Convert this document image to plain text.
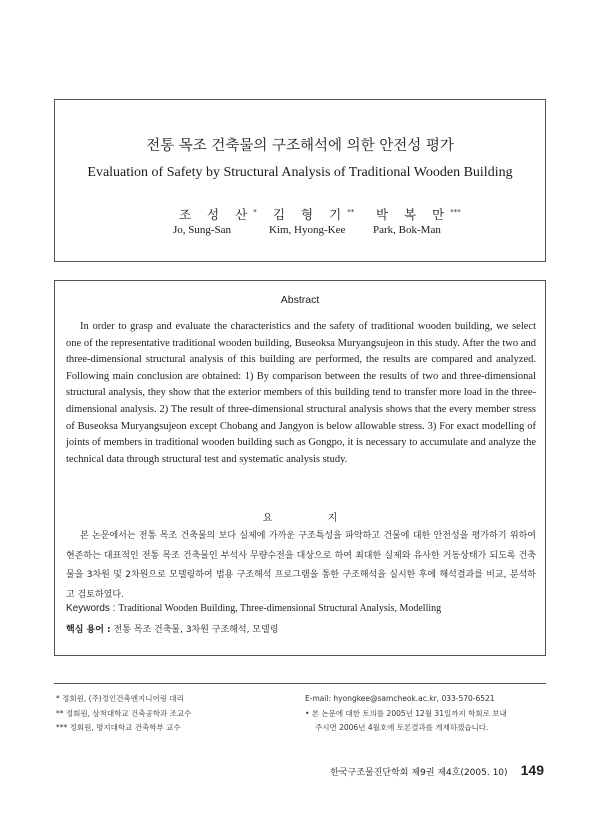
전통 목조 건축물의 구조해석에 의한 안전성 평가
Evaluation of Safety by Structural Analysis of Traditional Wooden Building
조 성 산* 김 형 기** 박 복 만***
Jo, Sung-San	Kim, Hyong-Kee	Park, Bok-Man
Abstract

In order to grasp and evaluate the characteristics and the safety of traditional wooden building, we select one of the representative traditional wooden building, Buseoksa Muryangsujeon in this study. After the two and three-dimensional structural analysis of this building are performed, the results are compared and analyzed. Following main conclusion are obtained: 1) By comparison between the results of two and three-dimensional structural analysis, they show that the exterior members of this building tend to transfer more load in the three-dimensional analysis. 2) The result of three-dimensional structural analysis shows that the every member stress of Buseoksa Muryangsujeon except Chobang and Jangyon is below allowable stress. 3) For exact modelling of joints of members in traditional wooden building such as Gongpo, it is necessary to accumulate and analyze the technical data through structural test and systematic analysis study.

요 지

본 논문에서는 전통 목조 건축물의 보다 실제에 가까운 구조특성을 파악하고 건물에 대한 안전성을 평가하기 위하여 현존하는 대표적인 전통 목조 건축물인 부석사 무량수전을 대상으로 하여 최대한 실제와 유사한 거동상태가 되도록 건축물을 3차원 및 2차원으로 모델링하여 범용 구조해석 프로그램을 통한 구조해석을 실시한 후에 해석결과를 비교, 분석하고 검토하였다.

Keywords : Traditional Wooden Building, Three-dimensional Structural Analysis, Modelling
핵심 용어 : 전통 목조 건축물, 3차원 구조해석, 모델링
* 정회원, (주)정인건축엔지니어링 대리
** 정회원, 삼척대학교 건축공학과 조교수
*** 정회원, 명지대학교 건축학부 교수
E-mail: hyongkee@samcheok.ac.kr, 033-570-6521
• 본 논문에 대한 토의를 2005년 12월 31일까지 학회로 보내
주시면 2006년 4월호에 토론결과를 게재하겠습니다.
한국구조물진단학회 제9권 제4호(2005. 10) 149
